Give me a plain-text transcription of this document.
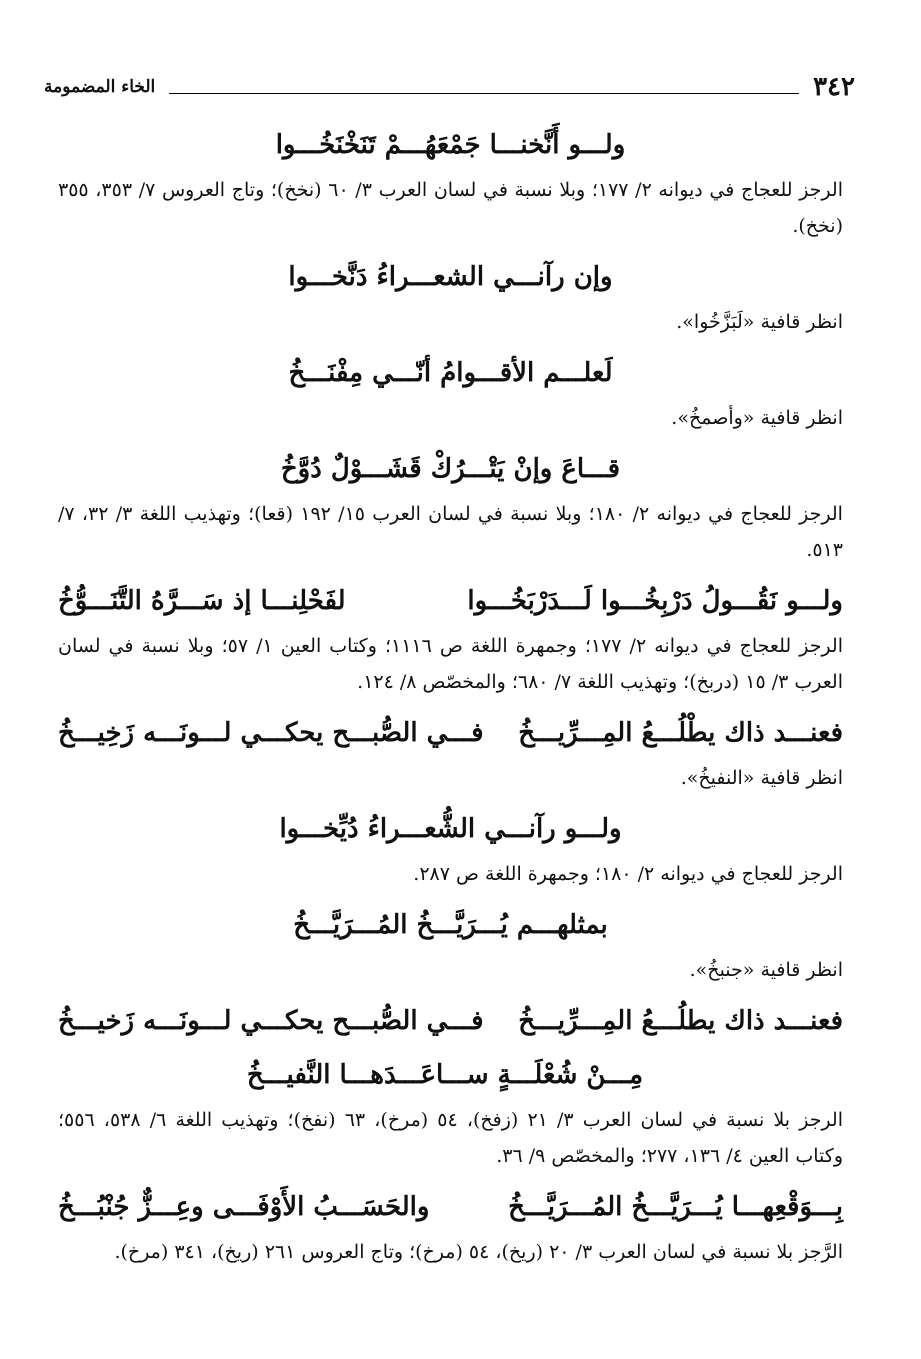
٣٤٢
الخاء المضمومة
ولـــو أَنَّخنـــا جَمْعَهُـــمْ تَنَخْنَخُـــوا
الرجز للعجاج في ديوانه ٢/ ١٧٧؛ وبلا نسبة في لسان العرب ٣/ ٦٠ (نخخ)؛ وتاج العروس ٧/ ٣٥٣، ٣٥٥ (نخخ).
وإن رآنـــي الشعـــراءُ دَنَّخـــوا
انظر قافية «لَبَزَّخُوا».
لَعلـــم الأقـــوامُ أنّـــي مِفْنَـــخُ
انظر قافية «وأصمخُ».
قـــاعَ وإنْ يَتْـــرُكْ قَشَـــوْلٌ دُوَّخُ
الرجز للعجاج في ديوانه ٢/ ١٨٠؛ وبلا نسبة في لسان العرب ١٥/ ١٩٢ (قعا)؛ وتهذيب اللغة ٣/ ٣٢، ٧/ ٥١٣.
ولـــو نَقُـــولُ دَرْبِخُـــوا لَـــدَرْبَخُـــوا
لفَحْلِنـــا إذ سَـــرَّهُ التَّنَـــوُّخُ
الرجز للعجاج في ديوانه ٢/ ١٧٧؛ وجمهرة اللغة ص ١١١٦؛ وكتاب العين ١/ ٥٧؛ وبلا نسبة في لسان العرب ٣/ ١٥ (دربخ)؛ وتهذيب اللغة ٧/ ٦٨٠؛ والمخصّص ٨/ ١٢٤.
فعنـــد ذاك يطْلُـــعُ المِـــرِّيـــخُ
فـــي الصُّبـــح يحكـــي لـــونَـــه زَخِيـــخُ
انظر قافية «النفيخُ».
ولـــو رآنـــي الشُّعـــراءُ دُيِّخـــوا
الرجز للعجاج في ديوانه ٢/ ١٨٠؛ وجمهرة اللغة ص ٢٨٧.
بمثلهـــم يُـــرَيَّـــخُ المُـــرَيَّـــخُ
انظر قافية «جنبخُ».
فعنـــد ذاك يطلُـــعُ المِـــرِّيـــخُ
فـــي الصُّبـــح يحكـــي لـــونَـــه زَخيـــخُ
مِـــنْ شُعْلَـــةٍ ســـاعَـــدَهـــا النَّفيـــخُ
الرجز بلا نسبة في لسان العرب ٣/ ٢١ (زفخ)، ٥٤ (مرخ)، ٦٣ (نفخ)؛ وتهذيب اللغة ٦/ ٥٣٨، ٥٥٦؛ وكتاب العين ٤/ ١٣٦، ٢٧٧؛ والمخصّص ٩/ ٣٦.
بِـــوَقْعِهـــا يُـــرَيَّـــخُ المُـــرَيَّـــخُ
والحَسَـــبُ الأَوْفَـــى وعِـــزٌّ جُنْبُـــخُ
الرَّجز بلا نسبة في لسان العرب ٣/ ٢٠ (ريخ)، ٥٤ (مرخ)؛ وتاج العروس ٢٦١ (ريخ)، ٣٤١ (مرخ).
